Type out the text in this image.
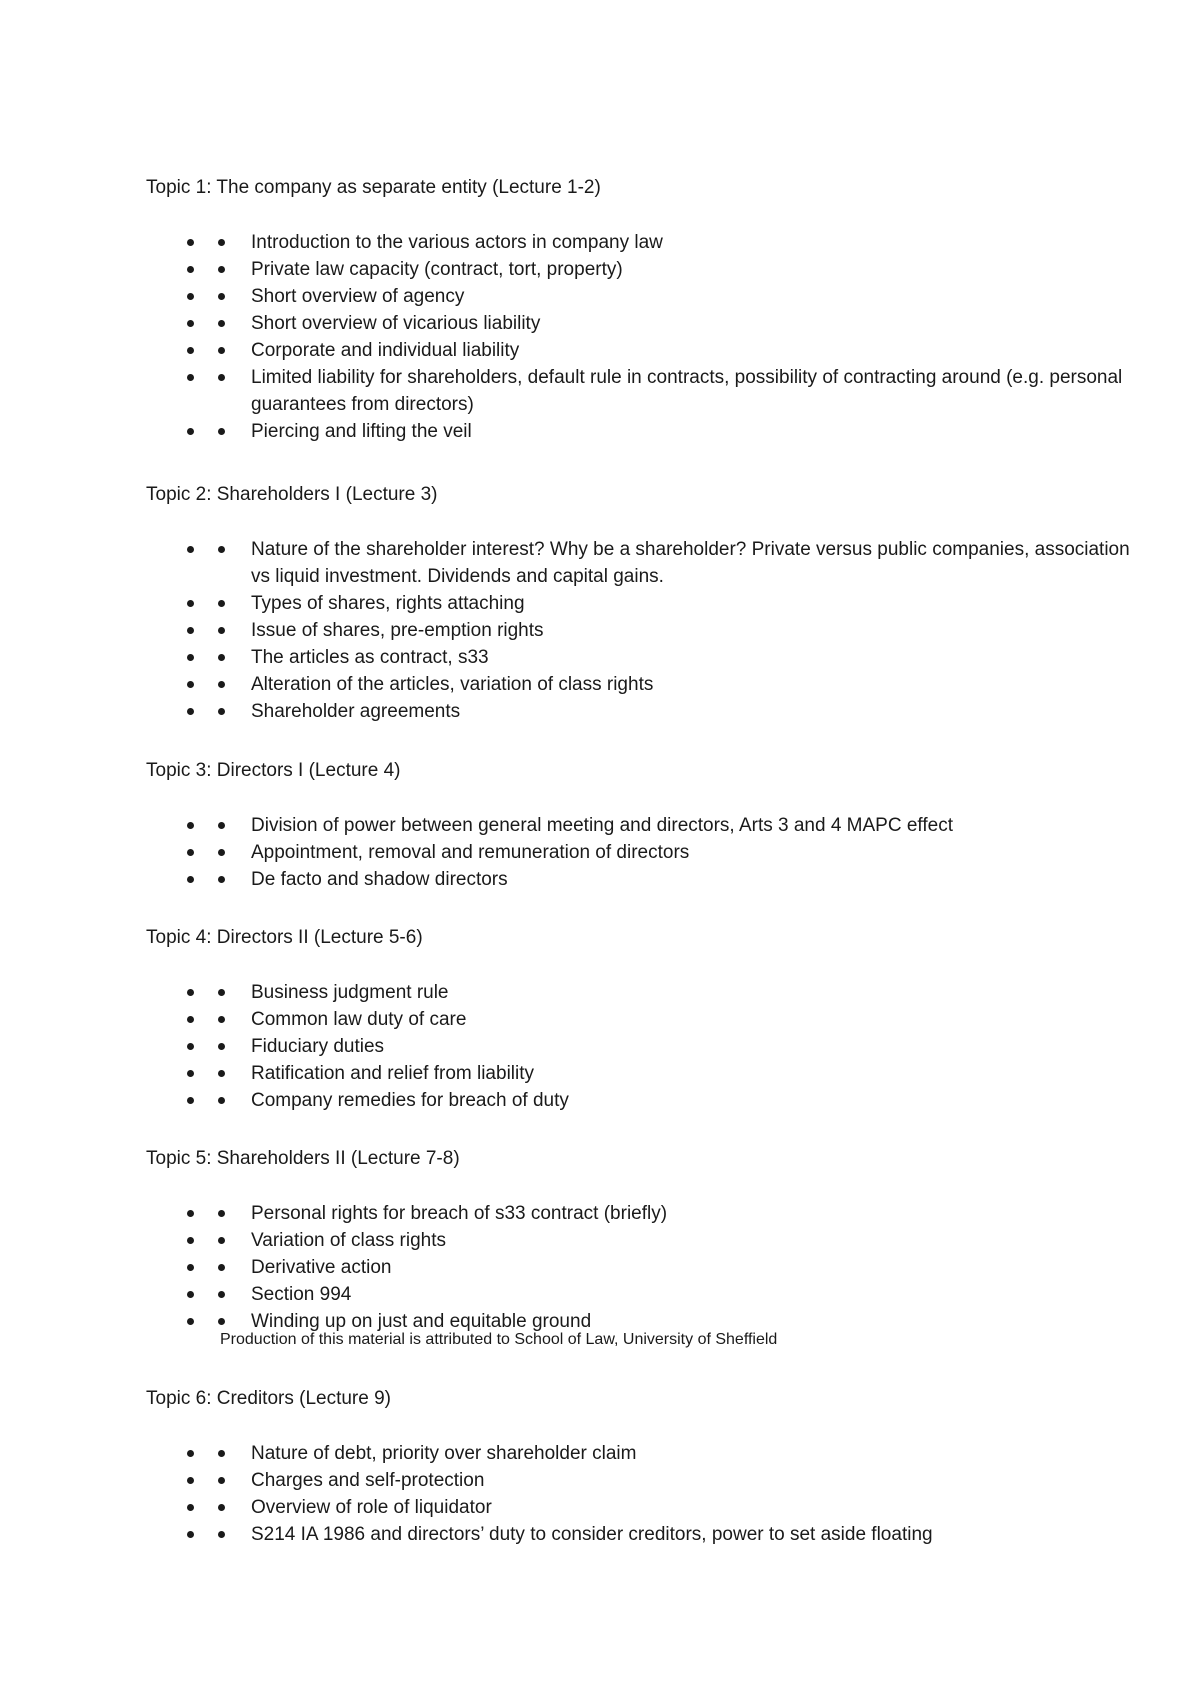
Topic 1: The company as separate entity (Lecture 1-2)
Introduction to the various actors in company law
Private law capacity (contract, tort, property)
Short overview of agency
Short overview of vicarious liability
Corporate and individual liability
Limited liability for shareholders, default rule in contracts, possibility of contracting around (e.g. personal guarantees from directors)
Piercing and lifting the veil
Topic 2: Shareholders I (Lecture 3)
Nature of the shareholder interest? Why be a shareholder? Private versus public companies, association vs liquid investment. Dividends and capital gains.
Types of shares, rights attaching
Issue of shares, pre-emption rights
The articles as contract, s33
Alteration of the articles, variation of class rights
Shareholder agreements
Topic 3: Directors I (Lecture 4)
Division of power between general meeting and directors, Arts 3 and 4 MAPC effect
Appointment, removal and remuneration of directors
De facto and shadow directors
Topic 4: Directors II (Lecture 5-6)
Business judgment rule
Common law duty of care
Fiduciary duties
Ratification and relief from liability
Company remedies for breach of duty
Topic 5: Shareholders II (Lecture 7-8)
Personal rights for breach of s33 contract (briefly)
Variation of class rights
Derivative action
Section 994
Winding up on just and equitable ground
Production of this material is attributed to School of Law, University of Sheffield
Topic 6: Creditors (Lecture 9)
Nature of debt, priority over shareholder claim
Charges and self-protection
Overview of role of liquidator
S214 IA 1986 and directors’ duty to consider creditors, power to set aside floating
